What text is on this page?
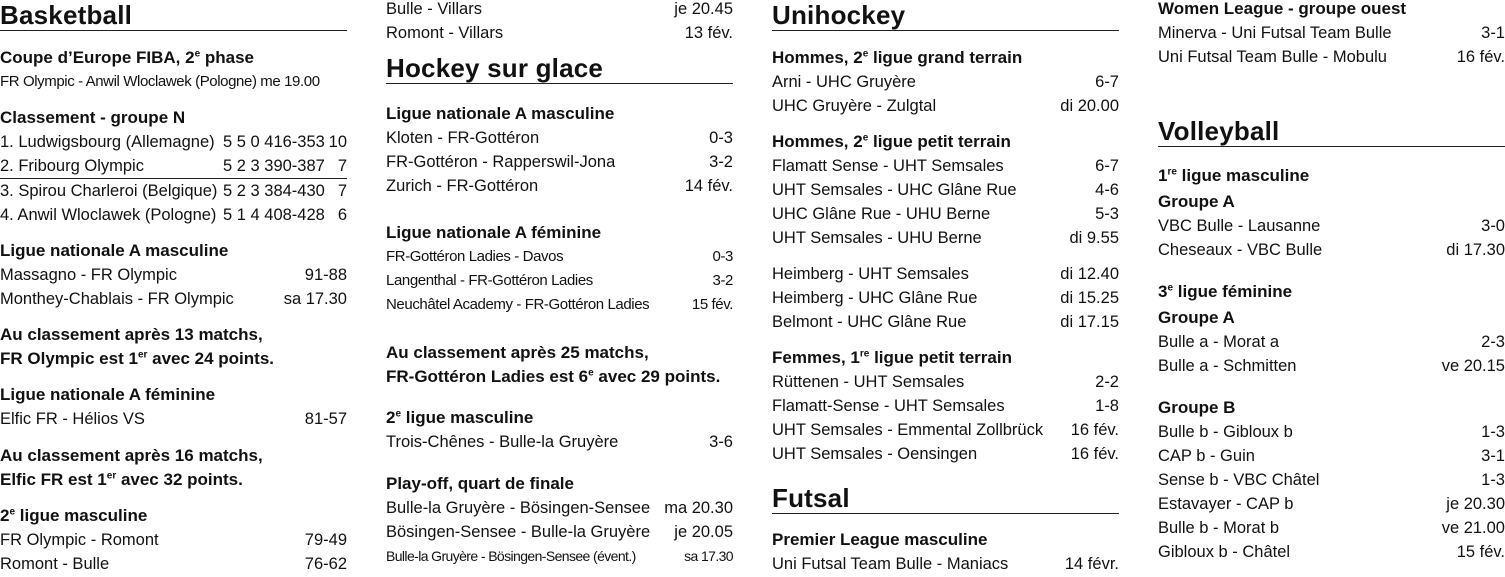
Basketball
Coupe d’Europe FIBA, 2e phase
FR Olympic - Anwil Wloclawek (Pologne) me 19.00
Classement - groupe N
1. Ludwigsbourg (Allemagne) 5 5 0 416-353 10
2. Fribourg Olympic	5 2 3 390-387 7
3. Spirou Charleroi (Belgique) 5 2 3 384-430 7
4. Anwil Wloclawek (Pologne) 5 1 4 408-428 6
Ligue nationale A masculine
Massagno - FR Olympic	91-88
Monthey-Chablais - FR Olympic	sa 17.30
Au classement après 13 matchs,
FR Olympic est 1er avec 24 points.
Ligue nationale A féminine
Elfic FR - Hélios VS	81-57
Au classement après 16 matchs,
Elfic FR est 1er avec 32 points.
2e ligue masculine
FR Olympic - Romont	79-49
Romont - Bulle	76-62
Bulle - Villars	je 20.45
Romont - Villars	13 fév.
Hockey sur glace
Ligue nationale A masculine
Kloten - FR-Gottéron	0-3
FR-Gottéron - Rapperswil-Jona	3-2
Zurich - FR-Gottéron	14 fév.
Ligue nationale A féminine
FR-Gottéron Ladies - Davos	0-3
Langenthal - FR-Gottéron Ladies	3-2
Neuchâtel Academy - FR-Gottéron Ladies	15 fév.
Au classement après 25 matchs,
FR-Gottéron Ladies est 6e avec 29 points.
2e ligue masculine
Trois-Chênes - Bulle-la Gruyère	3-6
Play-off, quart de finale
Bulle-la Gruyère - Bösingen-Sensee ma 20.30
Bösingen-Sensee - Bulle-la Gruyère je 20.05
Bulle-la Gruyère - Bösingen-Sensee (évent.)	sa 17.30
Unihockey
Hommes, 2e ligue grand terrain
Arni - UHC Gruyère	6-7
UHC Gruyère - Zulgtal	di 20.00
Hommes, 2e ligue petit terrain
Flamatt Sense - UHT Semsales	6-7
UHT Semsales - UHC Glâne Rue	4-6
UHC Glâne Rue - UHU Berne	5-3
UHT Semsales - UHU Berne	di 9.55
Heimberg - UHT Semsales	di 12.40
Heimberg - UHC Glâne Rue	di 15.25
Belmont - UHC Glâne Rue	di 17.15
Femmes, 1re ligue petit terrain
Rüttenen - UHT Semsales	2-2
Flamatt-Sense - UHT Semsales	1-8
UHT Semsales - Emmental Zollbrück 16 fév.
UHT Semsales - Oensingen	16 fév.
Futsal
Premier League masculine
Uni Futsal Team Bulle - Maniacs	14 févr.
Women League - groupe ouest
Minerva - Uni Futsal Team Bulle	3-1
Uni Futsal Team Bulle - Mobulu	16 fév.
Volleyball
1re ligue masculine
Groupe A
VBC Bulle - Lausanne	3-0
Cheseaux - VBC Bulle	di 17.30
3e ligue féminine
Groupe A
Bulle a - Morat a	2-3
Bulle a - Schmitten	ve 20.15
Groupe B
Bulle b - Gibloux b	1-3
CAP b - Guin	3-1
Sense b - VBC Châtel	1-3
Estavayer - CAP b	je 20.30
Bulle b - Morat b	ve 21.00
Gibloux b - Châtel	15 fév.
